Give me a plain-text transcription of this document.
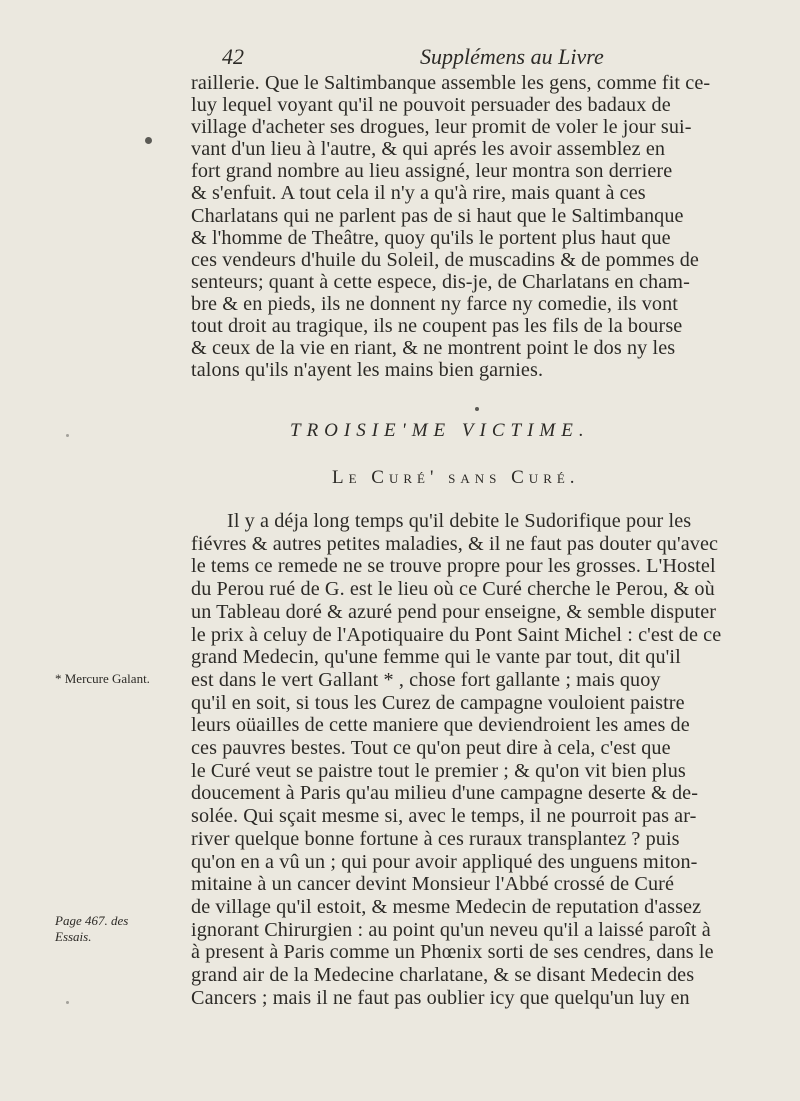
42	Supplémens au Livre
raillerie. Que le Saltimbanque assemble les gens, comme fit ce-
luy lequel voyant qu'il ne pouvoit persuader des badaux de
village d'acheter ses drogues, leur promit de voler le jour sui-
vant d'un lieu à l'autre, & qui aprés les avoir assemblez en
fort grand nombre au lieu assigné, leur montra son derriere
& s'enfuit. A tout cela il n'y a qu'à rire, mais quant à ces
Charlatans qui ne parlent pas de si haut que le Saltimbanque
& l'homme de Theâtre, quoy qu'ils le portent plus haut que
ces vendeurs d'huile du Soleil, de muscadins & de pommes de
senteurs; quant à cette espece, dis-je, de Charlatans en cham-
bre & en pieds, ils ne donnent ny farce ny comedie, ils vont
tout droit au tragique, ils ne coupent pas les fils de la bourse
& ceux de la vie en riant, & ne montrent point le dos ny les
talons qu'ils n'ayent les mains bien garnies.
TROISIE'ME VICTIME.
Le Curé' sans Curé.
Il y a déja long temps qu'il debite le Sudorifique pour les
fiévres & autres petites maladies, & il ne faut pas douter qu'avec
le tems ce remede ne se trouve propre pour les grosses. L'Hostel
du Perou rué de G. est le lieu où ce Curé cherche le Perou, & où
un Tableau doré & azuré pend pour enseigne, & semble disputer
le prix à celuy de l'Apotiquaire du Pont Saint Michel : c'est de ce
grand Medecin, qu'une femme qui le vante par tout, dit qu'il
est dans le vert Gallant * , chose fort gallante ; mais quoy
qu'il en soit, si tous les Curez de campagne vouloient paistre
leurs oüailles de cette maniere que deviendroient les ames de
ces pauvres bestes. Tout ce qu'on peut dire à cela, c'est que
le Curé veut se paistre tout le premier ; & qu'on vit bien plus
doucement à Paris qu'au milieu d'une campagne deserte & de-
solée. Qui sçait mesme si, avec le temps, il ne pourroit pas ar-
river quelque bonne fortune à ces ruraux transplantez ? puis
qu'on en a vû un ; qui pour avoir appliqué des unguens miton-
mitaine à un cancer devint Monsieur l'Abbé crossé de Curé
de village qu'il estoit, & mesme Medecin de reputation d'assez
ignorant Chirurgien : au point qu'un neveu qu'il a laissé paroît à
à present à Paris comme un Phœnix sorti de ses cendres, dans le
grand air de la Medecine charlatane, & se disant Medecin des
Cancers ; mais il ne faut pas oublier icy que quelqu'un luy en
* Mercure Galant.
Page 467. des
Essais.
